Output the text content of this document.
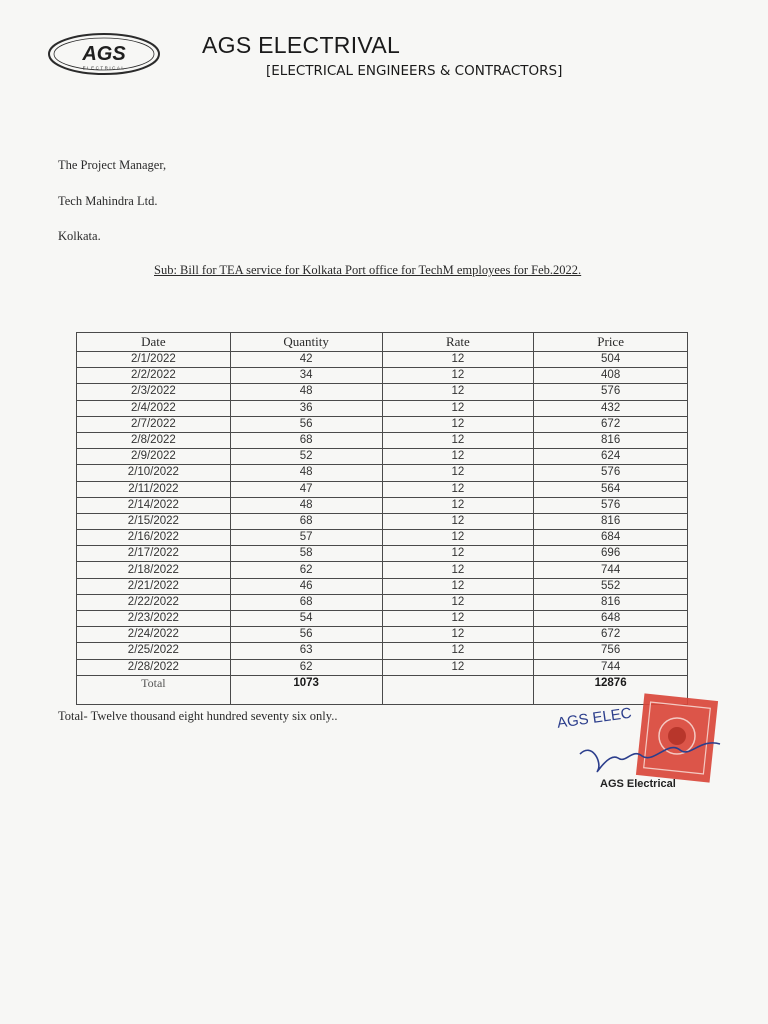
AGS
ELECTRICAL
AGS ELECTRIVAL
[ELECTRICAL ENGINEERS & CONTRACTORS]
The Project Manager,
Tech Mahindra Ltd.
Kolkata.
Sub: Bill for TEA service for Kolkata Port office for TechM employees for Feb.2022.
Date	Quantity	Rate	Price
2/1/2022	42	12	504
2/2/2022	34	12	408
2/3/2022	48	12	576
2/4/2022	36	12	432
2/7/2022	56	12	672
2/8/2022	68	12	816
2/9/2022	52	12	624
2/10/2022	48	12	576
2/11/2022	47	12	564
2/14/2022	48	12	576
2/15/2022	68	12	816
2/16/2022	57	12	684
2/17/2022	58	12	696
2/18/2022	62	12	744
2/21/2022	46	12	552
2/22/2022	68	12	816
2/23/2022	54	12	648
2/24/2022	56	12	672
2/25/2022	63	12	756
2/28/2022	62	12	744
Total	1073		12876
Total- Twelve thousand eight hundred seventy six only..	AGS ELEC
AGS Electrical
